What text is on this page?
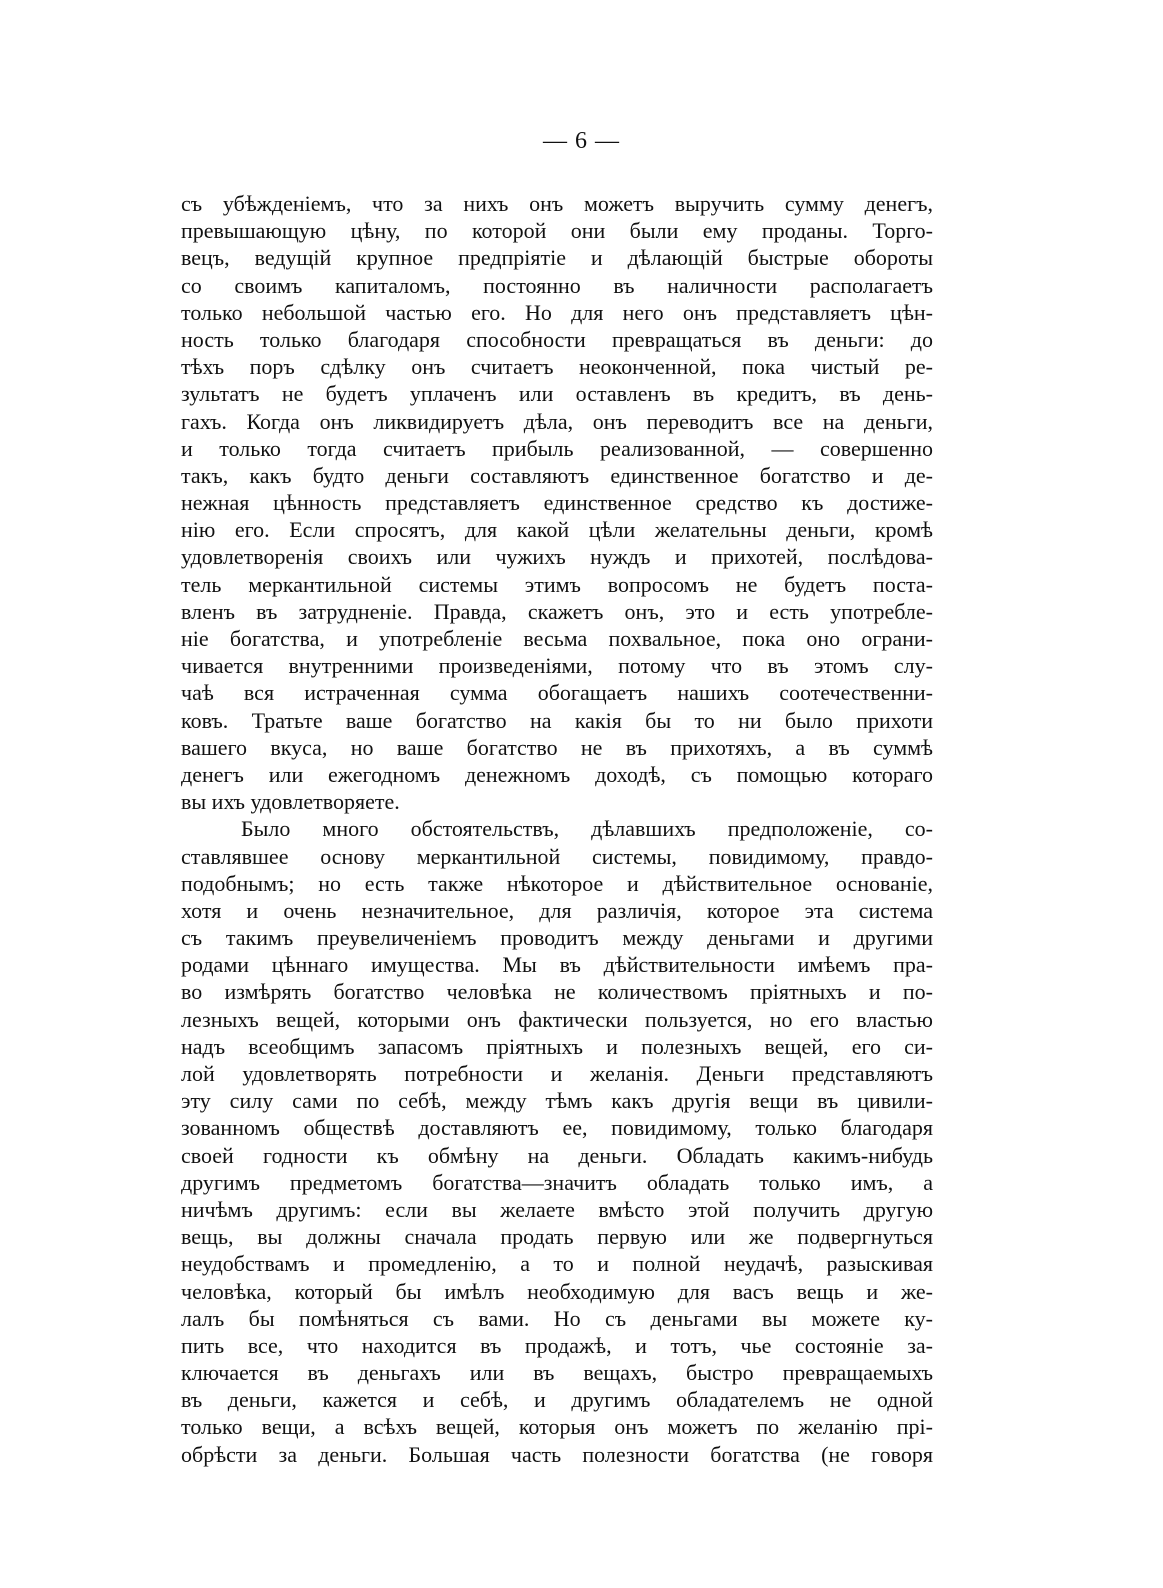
— 6 —
съ убѣжденіемъ, что за нихъ онъ можетъ выручить сумму денегъ,
превышающую цѣну, по которой они были ему проданы. Торго-
вецъ, ведущій крупное предпріятіе и дѣлающій быстрые обороты
со своимъ капиталомъ, постоянно въ наличности располагаетъ
только небольшой частью его. Но для него онъ представляетъ цѣн-
ность только благодаря способности превращаться въ деньги: до
тѣхъ поръ сдѣлку онъ считаетъ неоконченной, пока чистый ре-
зультатъ не будетъ уплаченъ или оставленъ въ кредитъ, въ день-
гахъ. Когда онъ ликвидируетъ дѣла, онъ переводитъ все на деньги,
и только тогда считаетъ прибыль реализованной, — совершенно
такъ, какъ будто деньги составляютъ единственное богатство и де-
нежная цѣнность представляетъ единственное средство къ достиже-
нію его. Если спросятъ, для какой цѣли желательны деньги, кромѣ
удовлетворенія своихъ или чужихъ нуждъ и прихотей, послѣдова-
тель меркантильной системы этимъ вопросомъ не будетъ поста-
вленъ въ затрудненіе. Правда, скажетъ онъ, это и есть употребле-
ніе богатства, и употребленіе весьма похвальное, пока оно ограни-
чивается внутренними произведеніями, потому что въ этомъ слу-
чаѣ вся истраченная сумма обогащаетъ нашихъ соотечественни-
ковъ. Тратьте ваше богатство на какія бы то ни было прихоти
вашего вкуса, но ваше богатство не въ прихотяхъ, а въ суммѣ
денегъ или ежегодномъ денежномъ доходѣ, съ помощью котораго
вы ихъ удовлетворяете.
Было много обстоятельствъ, дѣлавшихъ предположеніе, со-
ставлявшее основу меркантильной системы, повидимому, правдо-
подобнымъ; но есть также нѣкоторое и дѣйствительное основаніе,
хотя и очень незначительное, для различія, которое эта система
съ такимъ преувеличеніемъ проводитъ между деньгами и другими
родами цѣннаго имущества. Мы въ дѣйствительности имѣемъ пра-
во измѣрять богатство человѣка не количествомъ пріятныхъ и по-
лезныхъ вещей, которыми онъ фактически пользуется, но его властью
надъ всеобщимъ запасомъ пріятныхъ и полезныхъ вещей, его си-
лой удовлетворять потребности и желанія. Деньги представляютъ
эту силу сами по себѣ, между тѣмъ какъ другія вещи въ цивили-
зованномъ обществѣ доставляютъ ее, повидимому, только благодаря
своей годности къ обмѣну на деньги. Обладать какимъ-нибудь
другимъ предметомъ богатства—значитъ обладать только имъ, а
ничѣмъ другимъ: если вы желаете вмѣсто этой получить другую
вещь, вы должны сначала продать первую или же подвергнуться
неудобствамъ и промедленію, а то и полной неудачѣ, разыскивая
человѣка, который бы имѣлъ необходимую для васъ вещь и же-
лалъ бы помѣняться съ вами. Но съ деньгами вы можете ку-
пить все, что находится въ продажѣ, и тотъ, чье состояніе за-
ключается въ деньгахъ или въ вещахъ, быстро превращаемыхъ
въ деньги, кажется и себѣ, и другимъ обладателемъ не одной
только вещи, а всѣхъ вещей, которыя онъ можетъ по желанію прі-
обрѣсти за деньги. Большая часть полезности богатства (не говоря
